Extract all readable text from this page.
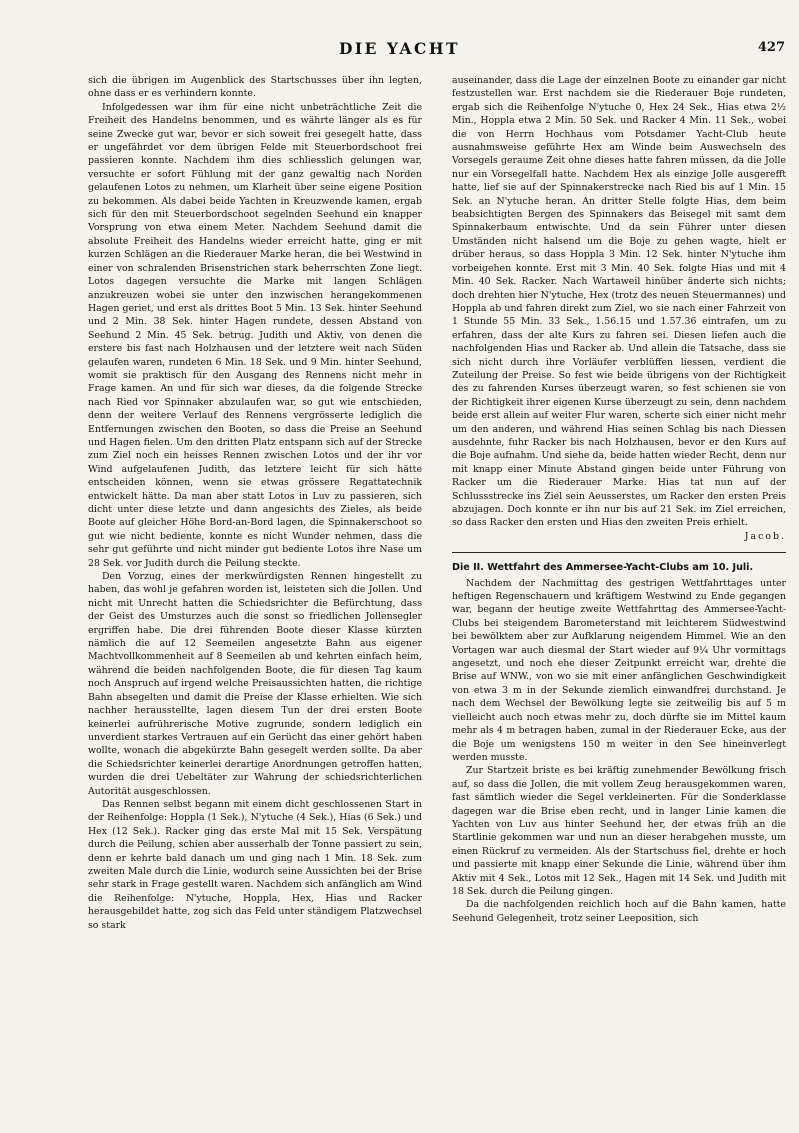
DIE YACHT	427

sich die übrigen im Augenblick des Startschusses über ihn legten, ohne dass er es verhindern konnte.

Infolgedessen war ihm für eine nicht unbeträchtliche Zeit die Freiheit des Handelns benommen, und es währte länger als es für seine Zwecke gut war, bevor er sich soweit frei gesegelt hatte, dass er ungefährdet vor dem übrigen Felde mit Steuerbordschoot frei passieren konnte. Nachdem ihm dies schliesslich gelungen war, versuchte er sofort Fühlung mit der ganz gewaltig nach Norden gelaufenen Lotos zu nehmen, um Klarheit über seine eigene Position zu bekommen. Als dabei beide Yachten in Kreuzwende kamen, ergab sich für den mit Steuerbordschoot segelnden Seehund ein knapper Vorsprung von etwa einem Meter. Nachdem Seehund damit die absolute Freiheit des Handelns wieder erreicht hatte, ging er mit kurzen Schlägen an die Riederauer Marke heran, die bei Westwind in einer von schralenden Brisenstrichen stark beherrschten Zone liegt. Lotos dagegen versuchte die Marke mit langen Schlägen anzukreuzen wobei sie unter den inzwischen herangekommenen Hagen geriet, und erst als drittes Boot 5 Min. 13 Sek. hinter Seehund und 2 Min. 38 Sek. hinter Hagen rundete, dessen Abstand von Seehund 2 Min. 45 Sek. betrug. Judith und Aktiv, von denen die erstere bis fast nach Holzhausen und der letztere weit nach Süden gelaufen waren, rundeten 6 Min. 18 Sek. und 9 Min. hinter Seehund, womit sie praktisch für den Ausgang des Rennens nicht mehr in Frage kamen. An und für sich war dieses, da die folgende Strecke nach Ried vor Spinnaker abzulaufen war, so gut wie entschieden, denn der weitere Verlauf des Rennens vergrösserte lediglich die Entfernungen zwischen den Booten, so dass die Preise an Seehund und Hagen fielen. Um den dritten Platz entspann sich auf der Strecke zum Ziel noch ein heisses Rennen zwischen Lotos und der ihr vor Wind aufgelaufenen Judith, das letztere leicht für sich hätte entscheiden können, wenn sie etwas grössere Regattatechnik entwickelt hätte. Da man aber statt Lotos in Luv zu passieren, sich dicht unter diese letzte und dann angesichts des Zieles, als beide Boote auf gleicher Höhe Bord-an-Bord lagen, die Spinnakerschoot so gut wie nicht bediente, konnte es nicht Wunder nehmen, dass die sehr gut geführte und nicht minder gut bediente Lotos ihre Nase um 28 Sek. vor Judith durch die Peilung steckte.

Den Vorzug, eines der merkwürdigsten Rennen hingestellt zu haben, das wohl je gefahren worden ist, leisteten sich die Jollen. Und nicht mit Unrecht hatten die Schiedsrichter die Befürchtung, dass der Geist des Umsturzes auch die sonst so friedlichen Jollensegler ergriffen habe. Die drei führenden Boote dieser Klasse kürzten nämlich die auf 12 Seemeilen angesetzte Bahn aus eigener Machtvollkommenheit auf 8 Seemeilen ab und kehrten einfach heim, während die beiden nachfolgenden Boote, die für diesen Tag kaum noch Anspruch auf irgend welche Preisaussichten hatten, die richtige Bahn absegelten und damit die Preise der Klasse erhielten. Wie sich nachher herausstellte, lagen diesem Tun der drei ersten Boote keinerlei aufrührerische Motive zugrunde, sondern lediglich ein unverdient starkes Vertrauen auf ein Gerücht das einer gehört haben wollte, wonach die abgekürzte Bahn gesegelt werden sollte. Da aber die Schiedsrichter keinerlei derartige Anordnungen getroffen hatten, wurden die drei Uebeltäter zur Wahrung der schiedsrichterlichen Autorität ausgeschlossen.

Das Rennen selbst begann mit einem dicht geschlossenen Start in der Reihenfolge: Hoppla (1 Sek.), N'ytuche (4 Sek.), Hias (6 Sek.) und Hex (12 Sek.). Racker ging das erste Mal mit 15 Sek. Verspätung durch die Peilung, schien aber ausserhalb der Tonne passiert zu sein, denn er kehrte bald danach um und ging nach 1 Min. 18 Sek. zum zweiten Male durch die Linie, wodurch seine Aussichten bei der Brise sehr stark in Frage gestellt waren. Nachdem sich anfänglich am Wind die Reihenfolge: N'ytuche, Hoppla, Hex, Hias und Racker herausgebildet hatte, zog sich das Feld unter ständigem Platzwechsel so stark

auseinander, dass die Lage der einzelnen Boote zu einander gar nicht festzustellen war. Erst nachdem sie die Riederauer Boje rundeten, ergab sich die Reihenfolge N'ytuche 0, Hex 24 Sek., Hias etwa 2½ Min., Hoppla etwa 2 Min. 50 Sek. und Racker 4 Min. 11 Sek., wobei die von Herrn Hochhaus vom Potsdamer Yacht-Club heute ausnahmsweise geführte Hex am Winde beim Auswechseln des Vorsegels geraume Zeit ohne dieses hatte fahren müssen, da die Jolle nur ein Vorsegelfall hatte. Nachdem Hex als einzige Jolle ausgerefft hatte, lief sie auf der Spinnakerstrecke nach Ried bis auf 1 Min. 15 Sek. an N'ytuche heran. An dritter Stelle folgte Hias, dem beim beabsichtigten Bergen des Spinnakers das Beisegel mit samt dem Spinnakerbaum entwischte. Und da sein Führer unter diesen Umständen nicht halsend um die Boje zu gehen wagte, hielt er drüber heraus, so dass Hoppla 3 Min. 12 Sek. hinter N'ytuche ihm vorbeigehen konnte. Erst mit 3 Min. 40 Sek. folgte Hias und mit 4 Min. 40 Sek. Racker. Nach Wartaweil hinüber änderte sich nichts; doch drehten hier N'ytuche, Hex (trotz des neuen Steuermannes) und Hoppla ab und fahren direkt zum Ziel, wo sie nach einer Fahrzeit von 1 Stunde 55 Min. 33 Sek., 1.56.15 und 1.57.36 eintrafen, um zu erfahren, dass der alte Kurs zu fahren sei. Diesen liefen auch die nachfolgenden Hias und Racker ab. Und allein die Tatsache, dass sie sich nicht durch ihre Vorläufer verblüffen liessen, verdient die Zuteilung der Preise. So fest wie beide übrigens von der Richtigkeit des zu fahrenden Kurses überzeugt waren, so fest schienen sie von der Richtigkeit ihrer eigenen Kurse überzeugt zu sein, denn nachdem beide erst allein auf weiter Flur waren, scherte sich einer nicht mehr um den anderen, und während Hias seinen Schlag bis nach Diessen ausdehnte, fuhr Racker bis nach Holzhausen, bevor er den Kurs auf die Boje aufnahm. Und siehe da, beide hatten wieder Recht, denn nur mit knapp einer Minute Abstand gingen beide unter Führung von Racker um die Riederauer Marke. Hias tat nun auf der Schlussstrecke ins Ziel sein Aeusserstes, um Racker den ersten Preis abzujagen. Doch konnte er ihn nur bis auf 21 Sek. im Ziel erreichen, so dass Racker den ersten und Hias den zweiten Preis erhielt.

Jacob.

Die II. Wettfahrt des Ammersee-Yacht-Clubs am 10. Juli.

Nachdem der Nachmittag des gestrigen Wettfahrttages unter heftigen Regenschauern und kräftigem Westwind zu Ende gegangen war, begann der heutige zweite Wettfahrttag des Ammersee-Yacht-Clubs bei steigendem Barometerstand mit leichterem Südwestwind bei bewölktem aber zur Aufklarung neigendem Himmel. Wie an den Vortagen war auch diesmal der Start wieder auf 9¼ Uhr vormittags angesetzt, und noch ehe dieser Zeitpunkt erreicht war, drehte die Brise auf WNW., von wo sie mit einer anfänglichen Geschwindigkeit von etwa 3 m in der Sekunde ziemlich einwandfrei durchstand. Je nach dem Wechsel der Bewölkung legte sie zeitweilig bis auf 5 m vielleicht auch noch etwas mehr zu, doch dürfte sie im Mittel kaum mehr als 4 m betragen haben, zumal in der Riederauer Ecke, aus der die Boje um wenigstens 150 m weiter in den See hineinverlegt werden musste.

Zur Startzeit briste es bei kräftig zunehmender Bewölkung frisch auf, so dass die Jollen, die mit vollem Zeug herausgekommen waren, fast sämtlich wieder die Segel verkleinerten. Für die Sonderklasse dagegen war die Brise eben recht, und in langer Linie kamen die Yachten von Luv aus hinter Seehund her, der etwas früh an die Startlinie gekommen war und nun an dieser herabgehen musste, um einen Rückruf zu vermeiden. Als der Startschuss fiel, drehte er hoch und passierte mit knapp einer Sekunde die Linie, während über ihm Aktiv mit 4 Sek., Lotos mit 12 Sek., Hagen mit 14 Sek. und Judith mit 18 Sek. durch die Peilung gingen.

Da die nachfolgenden reichlich hoch auf die Bahn kamen, hatte Seehund Gelegenheit, trotz seiner Leeposition, sich
